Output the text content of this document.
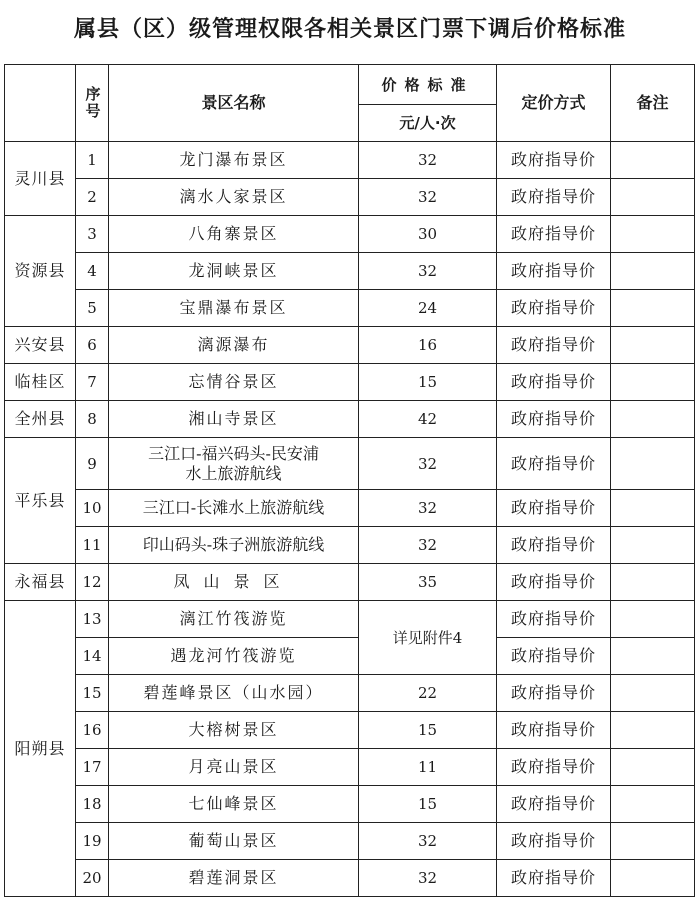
属县（区）级管理权限各相关景区门票下调后价格标准
	序号	景区名称	价格标准	定价方式	备注
			元/人·次		
灵川县	1	龙门瀑布景区	32	政府指导价	
	2	漓水人家景区	32	政府指导价	
资源县	3	八角寨景区	30	政府指导价	
	4	龙洞峡景区	32	政府指导价	
	5	宝鼎瀑布景区	24	政府指导价	
兴安县	6	漓源瀑布	16	政府指导价	
临桂区	7	忘情谷景区	15	政府指导价	
全州县	8	湘山寺景区	42	政府指导价	
平乐县	9	三江口-福兴码头-民安浦
水上旅游航线	32	政府指导价	
	10	三江口-长滩水上旅游航线	32	政府指导价	
	11	印山码头-珠子洲旅游航线	32	政府指导价	
永福县	12	凤山景区	35	政府指导价	
阳朔县	13	漓江竹筏游览	详见附件4	政府指导价	
	14	遇龙河竹筏游览		政府指导价	
	15	碧莲峰景区（山水园）	22	政府指导价	
	16	大榕树景区	15	政府指导价	
	17	月亮山景区	11	政府指导价	
	18	七仙峰景区	15	政府指导价	
	19	葡萄山景区	32	政府指导价	
	20	碧莲洞景区	32	政府指导价	
